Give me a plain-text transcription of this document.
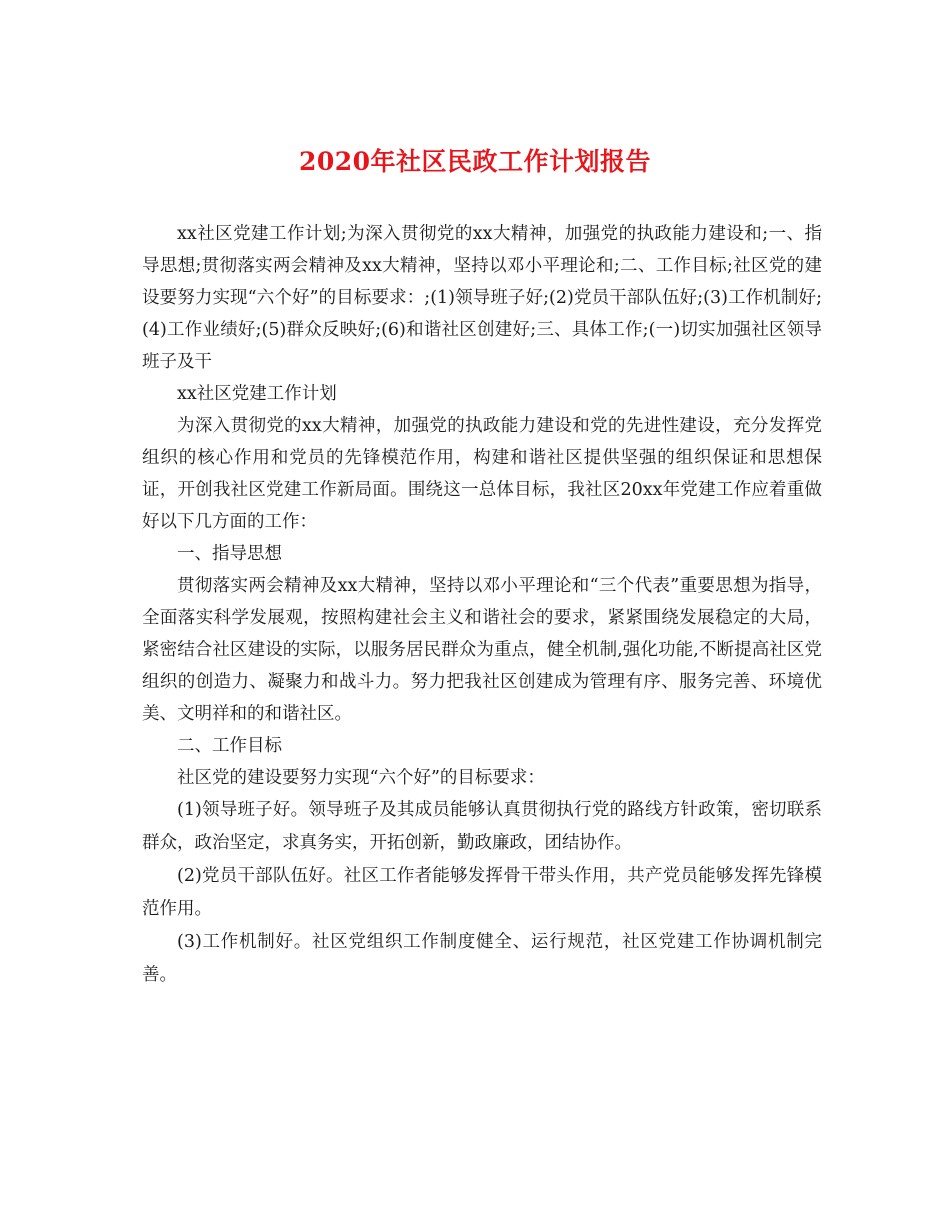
2020年社区民政工作计划报告

xx社区党建工作计划;为深入贯彻党的xx大精神，加强党的执政能力建设和;一、指导思想;贯彻落实两会精神及xx大精神，坚持以邓小平理论和;二、工作目标;社区党的建设要努力实现“六个好”的目标要求：;(1)领导班子好;(2)党员干部队伍好;(3)工作机制好;(4)工作业绩好;(5)群众反映好;(6)和谐社区创建好;三、具体工作;(一)切实加强社区领导班子及干

xx社区党建工作计划

为深入贯彻党的xx大精神，加强党的执政能力建设和党的先进性建设，充分发挥党组织的核心作用和党员的先锋模范作用，构建和谐社区提供坚强的组织保证和思想保证，开创我社区党建工作新局面。围绕这一总体目标，我社区20xx年党建工作应着重做好以下几方面的工作：

一、指导思想

贯彻落实两会精神及xx大精神，坚持以邓小平理论和“三个代表”重要思想为指导，全面落实科学发展观，按照构建社会主义和谐社会的要求，紧紧围绕发展稳定的大局，紧密结合社区建设的实际，以服务居民群众为重点，健全机制,强化功能,不断提高社区党组织的创造力、凝聚力和战斗力。努力把我社区创建成为管理有序、服务完善、环境优美、文明祥和的和谐社区。

二、工作目标

社区党的建设要努力实现“六个好”的目标要求：

(1)领导班子好。领导班子及其成员能够认真贯彻执行党的路线方针政策，密切联系群众，政治坚定，求真务实，开拓创新，勤政廉政，团结协作。

(2)党员干部队伍好。社区工作者能够发挥骨干带头作用，共产党员能够发挥先锋模范作用。

(3)工作机制好。社区党组织工作制度健全、运行规范，社区党建工作协调机制完善。
